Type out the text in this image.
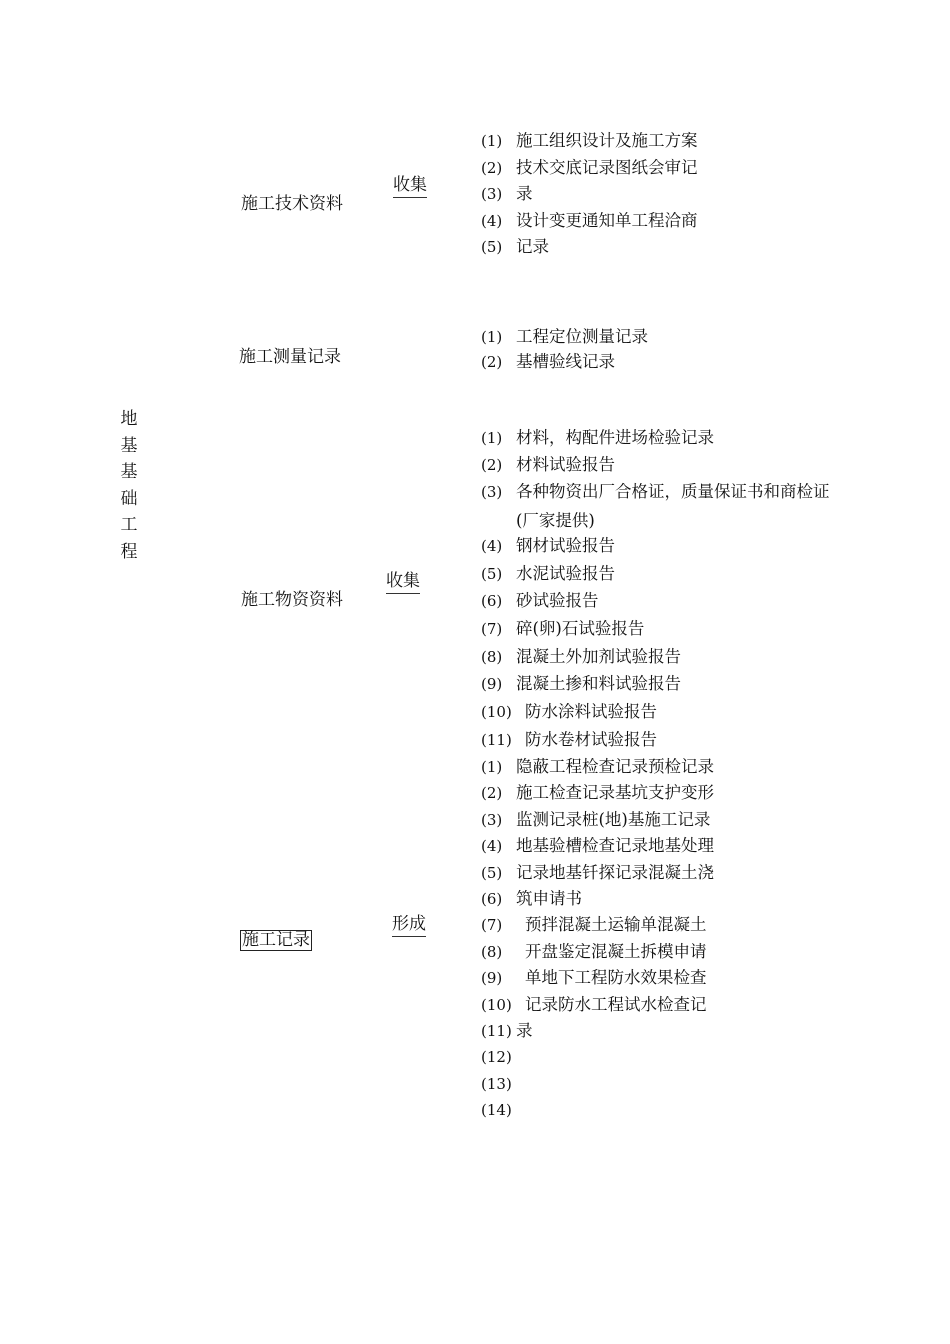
地
基
基
础
工
程
施工技术资料
收集
(1) 施工组织设计及施工方案
(2) 技术交底记录图纸会审记
(3) 录
(4) 设计变更通知单工程洽商
(5) 记录
施工测量记录
(1) 工程定位测量记录
(2) 基槽验线记录
施工物资资料
收集
(1) 材料，构配件进场检验记录
(2) 材料试验报告
(3) 各种物资出厂合格证，质量保证书和商检证
(厂家提供)
(4) 钢材试验报告
(5) 水泥试验报告
(6) 砂试验报告
(7) 碎(卵)石试验报告
(8) 混凝土外加剂试验报告
(9) 混凝土掺和料试验报告
(10) 防水涂料试验报告
(11) 防水卷材试验报告
施工记录
形成
(1) 隐蔽工程检查记录预检记录
(2) 施工检查记录基坑支护变形
(3) 监测记录桩(地)基施工记录
(4) 地基验槽检查记录地基处理
(5) 记录地基钎探记录混凝土浇
(6) 筑申请书
(7) 预拌混凝土运输单混凝土
(8) 开盘鉴定混凝土拆模申请
(9) 单地下工程防水效果检查
(10) 记录防水工程试水检查记
(11) 录
(12)
(13)
(14)
